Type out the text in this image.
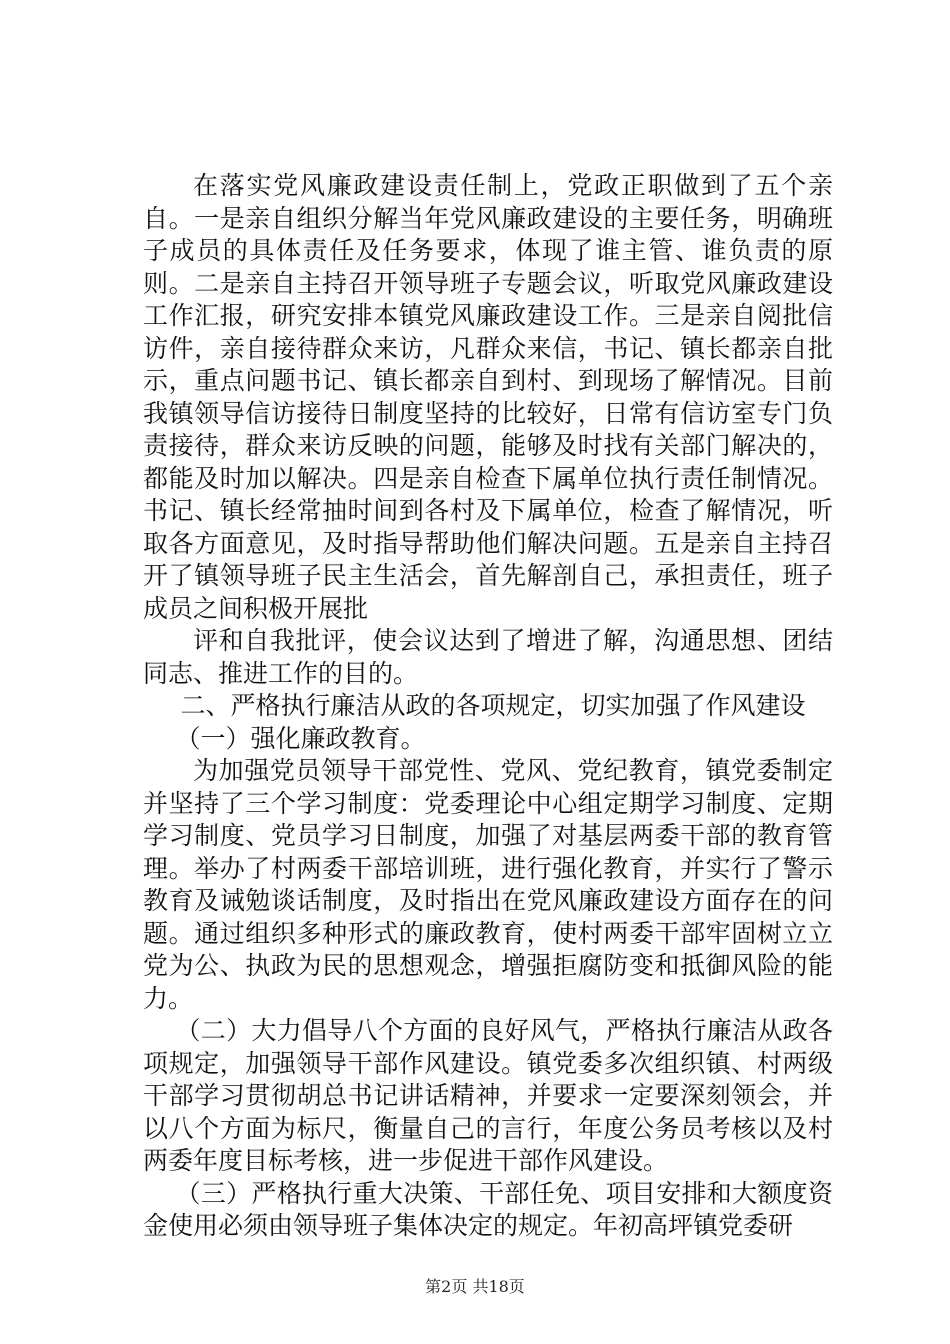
在落实党风廉政建设责任制上，党政正职做到了五个亲自。一是亲自组织分解当年党风廉政建设的主要任务，明确班子成员的具体责任及任务要求，体现了谁主管、谁负责的原则。二是亲自主持召开领导班子专题会议，听取党风廉政建设工作汇报，研究安排本镇党风廉政建设工作。三是亲自阅批信访件，亲自接待群众来访，凡群众来信，书记、镇长都亲自批示，重点问题书记、镇长都亲自到村、到现场了解情况。目前我镇领导信访接待日制度坚持的比较好，日常有信访室专门负责接待，群众来访反映的问题，能够及时找有关部门解决的，都能及时加以解决。四是亲自检查下属单位执行责任制情况。书记、镇长经常抽时间到各村及下属单位，检查了解情况，听取各方面意见，及时指导帮助他们解决问题。五是亲自主持召开了镇领导班子民主生活会，首先解剖自己，承担责任，班子成员之间积极开展批

评和自我批评，使会议达到了增进了解，沟通思想、团结同志、推进工作的目的。

二、严格执行廉洁从政的各项规定，切实加强了作风建设

（一）强化廉政教育。

为加强党员领导干部党性、党风、党纪教育，镇党委制定并坚持了三个学习制度：党委理论中心组定期学习制度、定期学习制度、党员学习日制度，加强了对基层两委干部的教育管理。举办了村两委干部培训班，进行强化教育，并实行了警示教育及诫勉谈话制度，及时指出在党风廉政建设方面存在的问题。通过组织多种形式的廉政教育，使村两委干部牢固树立立党为公、执政为民的思想观念，增强拒腐防变和抵御风险的能力。

（二）大力倡导八个方面的良好风气，严格执行廉洁从政各项规定，加强领导干部作风建设。镇党委多次组织镇、村两级干部学习贯彻胡总书记讲话精神，并要求一定要深刻领会，并以八个方面为标尺，衡量自己的言行，年度公务员考核以及村两委年度目标考核，进一步促进干部作风建设。

（三）严格执行重大决策、干部任免、项目安排和大额度资金使用必须由领导班子集体决定的规定。年初高坪镇党委研

第2页 共18页
